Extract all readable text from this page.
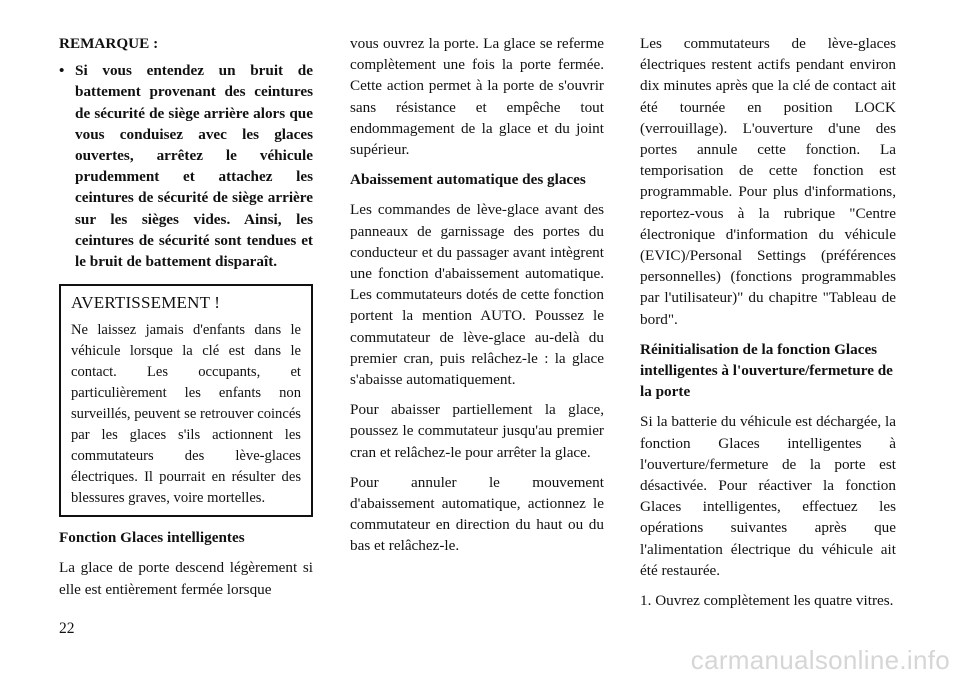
REMARQUE :

• Si vous entendez un bruit de battement provenant des ceintures de sécurité de siège arrière alors que vous conduisez avec les glaces ouvertes, arrêtez le véhicule prudemment et attachez les ceintures de sécurité de siège arrière sur les sièges vides. Ainsi, les ceintures de sécurité sont tendues et le bruit de battement disparaît.

AVERTISSEMENT !

Ne laissez jamais d'enfants dans le véhicule lorsque la clé est dans le contact. Les occupants, et particulièrement les enfants non surveillés, peuvent se retrouver coincés par les glaces s'ils actionnent les commutateurs des lève-glaces électriques. Il pourrait en résulter des blessures graves, voire mortelles.

Fonction Glaces intelligentes

La glace de porte descend légèrement si elle est entièrement fermée lorsque

vous ouvrez la porte. La glace se referme complètement une fois la porte fermée. Cette action permet à la porte de s'ouvrir sans résistance et empêche tout endommagement de la glace et du joint supérieur.

Abaissement automatique des glaces

Les commandes de lève-glace avant des panneaux de garnissage des portes du conducteur et du passager avant intègrent une fonction d'abaissement automatique. Les commutateurs dotés de cette fonction portent la mention AUTO. Poussez le commutateur de lève-glace au-delà du premier cran, puis relâchez-le : la glace s'abaisse automatiquement.

Pour abaisser partiellement la glace, poussez le commutateur jusqu'au premier cran et relâchez-le pour arrêter la glace.

Pour annuler le mouvement d'abaissement automatique, actionnez le commutateur en direction du haut ou du bas et relâchez-le.

Les commutateurs de lève-glaces électriques restent actifs pendant environ dix minutes après que la clé de contact ait été tournée en position LOCK (verrouillage). L'ouverture d'une des portes annule cette fonction. La temporisation de cette fonction est programmable. Pour plus d'informations, reportez-vous à la rubrique "Centre électronique d'information du véhicule (EVIC)/Personal Settings (préférences personnelles) (fonctions programmables par l'utilisateur)" du chapitre "Tableau de bord".

Réinitialisation de la fonction Glaces intelligentes à l'ouverture/fermeture de la porte

Si la batterie du véhicule est déchargée, la fonction Glaces intelligentes à l'ouverture/fermeture de la porte est désactivée. Pour réactiver la fonction Glaces intelligentes, effectuez les opérations suivantes après que l'alimentation électrique du véhicule ait été restaurée.

1. Ouvrez complètement les quatre vitres.

22
carmanualsonline.info
